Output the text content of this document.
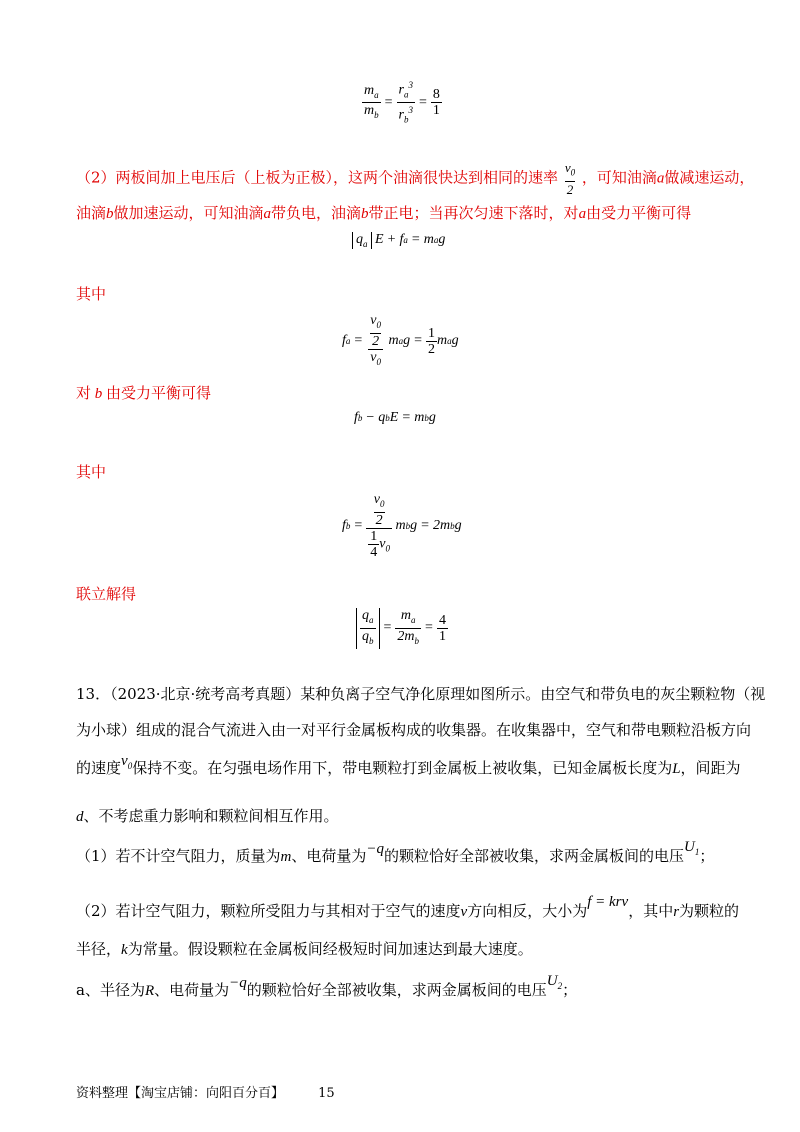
$\frac{m_a}{m_b} = \frac{r_a^3}{r_b^3} = \frac{8}{1}$
（2）两板间加上电压后（上板为正极），这两个油滴很快达到相同的速率 $\frac{v_0}{2}$ ，可知油滴a做减速运动，
油滴b做加速运动，可知油滴a带负电，油滴b带正电；当再次匀速下落时，对a由受力平衡可得
$q_a$ E + f a = m a g
其中
f $a = \frac{\frac{v_0}{2}}{v_0}$ m a $g = \frac{1}{2}$ m a g
对 b 由受力平衡可得
f b − q b E = m b g
其中
f $b = \frac{\frac{v_0}{2}}{\frac{1}{4} v_0}$ m b g = 2m b g
联立解得
$\frac{q_a}{q_b} = \frac{m_a}{2m_b} = \frac{4}{1}$
13．（2023·北京·统考高考真题）某种负离子空气净化原理如图所示。由空气和带负电的灰尘颗粒物（视
为小球）组成的混合气流进入由一对平行金属板构成的收集器。在收集器中，空气和带电颗粒沿板方向
的速度$v_0$保持不变。在匀强电场作用下，带电颗粒打到金属板上被收集，已知金属板长度为L，间距为
d、不考虑重力影响和颗粒间相互作用。
（1）若不计空气阻力，质量为m、电荷量为−q的颗粒恰好全部被收集，求两金属板间的电压$U_1$；
（2）若计空气阻力，颗粒所受阻力与其相对于空气的速度v方向相反，大小为f = krv，其中r为颗粒的
半径，k为常量。假设颗粒在金属板间经极短时间加速达到最大速度。
a、半径为R、电荷量为−q的颗粒恰好全部被收集，求两金属板间的电压$U_2$；
资料整理【淘宝店铺：向阳百分百】	15
